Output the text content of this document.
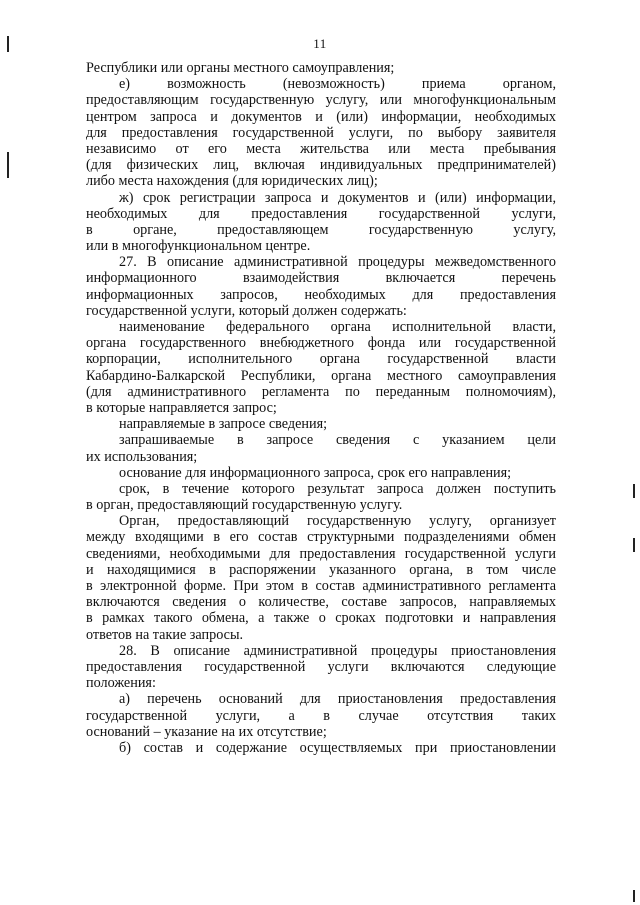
11
Республики или органы местного самоуправления;
е) возможность (невозможность) приема органом,
предоставляющим государственную услугу, или многофункциональным
центром запроса и документов и (или) информации, необходимых
для предоставления государственной услуги, по выбору заявителя
независимо от его места жительства или места пребывания
(для физических лиц, включая индивидуальных предпринимателей)
либо места нахождения (для юридических лиц);
ж) срок регистрации запроса и документов и (или) информации,
необходимых для предоставления государственной услуги,
в органе, предоставляющем государственную услугу,
или в многофункциональном центре.
27. В описание административной процедуры межведомственного
информационного взаимодействия включается перечень
информационных запросов, необходимых для предоставления
государственной услуги, который должен содержать:
наименование федерального органа исполнительной власти,
органа государственного внебюджетного фонда или государственной
корпорации, исполнительного органа государственной власти
Кабардино-Балкарской Республики, органа местного самоуправления
(для административного регламента по переданным полномочиям),
в которые направляется запрос;
направляемые в запросе сведения;
запрашиваемые в запросе сведения с указанием цели
их использования;
основание для информационного запроса, срок его направления;
срок, в течение которого результат запроса должен поступить
в орган, предоставляющий государственную услугу.
Орган, предоставляющий государственную услугу, организует
между входящими в его состав структурными подразделениями обмен
сведениями, необходимыми для предоставления государственной услуги
и находящимися в распоряжении указанного органа, в том числе
в электронной форме. При этом в состав административного регламента
включаются сведения о количестве, составе запросов, направляемых
в рамках такого обмена, а также о сроках подготовки и направления
ответов на такие запросы.
28. В описание административной процедуры приостановления
предоставления государственной услуги включаются следующие
положения:
а) перечень оснований для приостановления предоставления
государственной услуги, а в случае отсутствия таких
оснований – указание на их отсутствие;
б) состав и содержание осуществляемых при приостановлении
